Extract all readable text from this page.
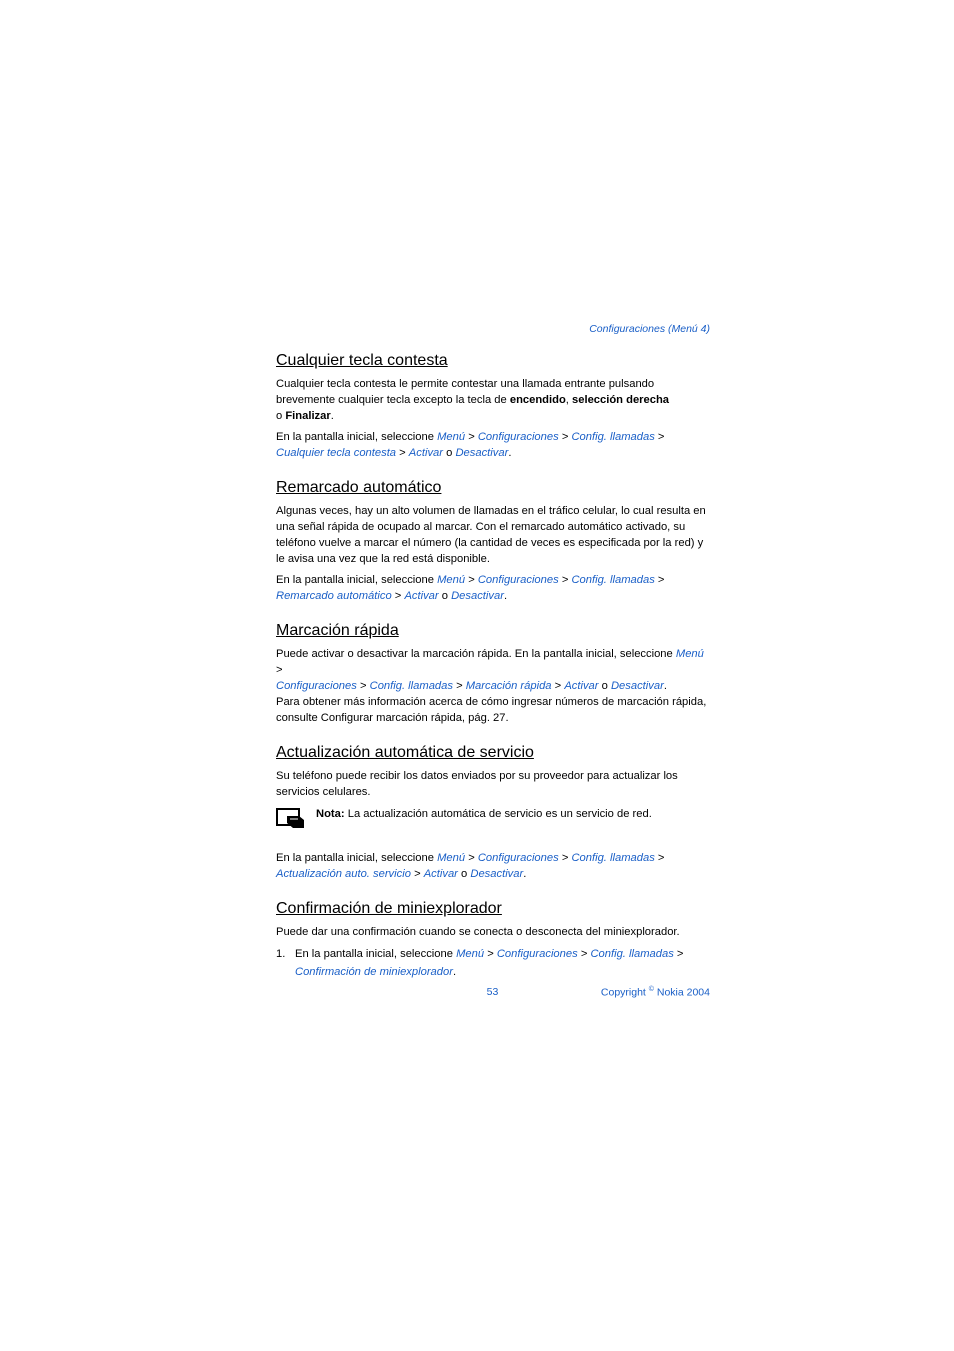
Configuraciones (Menú 4)
Cualquier tecla contesta

Cualquier tecla contesta le permite contestar una llamada entrante pulsando brevemente cualquier tecla excepto la tecla de encendido, selección derecha
o Finalizar.

En la pantalla inicial, seleccione Menú > Configuraciones > Config. llamadas >
Cualquier tecla contesta > Activar o Desactivar.

Remarcado automático

Algunas veces, hay un alto volumen de llamadas en el tráfico celular, lo cual resulta en una señal rápida de ocupado al marcar. Con el remarcado automático activado, su teléfono vuelve a marcar el número (la cantidad de veces es especificada por la red) y le avisa una vez que la red está disponible.

En la pantalla inicial, seleccione Menú > Configuraciones > Config. llamadas >
Remarcado automático > Activar o Desactivar.

Marcación rápida

Puede activar o desactivar la marcación rápida. En la pantalla inicial, seleccione Menú >
Configuraciones > Config. llamadas > Marcación rápida > Activar o Desactivar.
Para obtener más información acerca de cómo ingresar números de marcación rápida, consulte Configurar marcación rápida, pág. 27.

Actualización automática de servicio

Su teléfono puede recibir los datos enviados por su proveedor para actualizar los servicios celulares.

Nota: La actualización automática de servicio es un servicio de red.

En la pantalla inicial, seleccione Menú > Configuraciones > Config. llamadas >
Actualización auto. servicio > Activar o Desactivar.

Confirmación de miniexplorador

Puede dar una confirmación cuando se conecta o desconecta del miniexplorador.

1. En la pantalla inicial, seleccione Menú > Configuraciones > Config. llamadas >
Confirmación de miniexplorador.
53	Copyright © Nokia 2004
